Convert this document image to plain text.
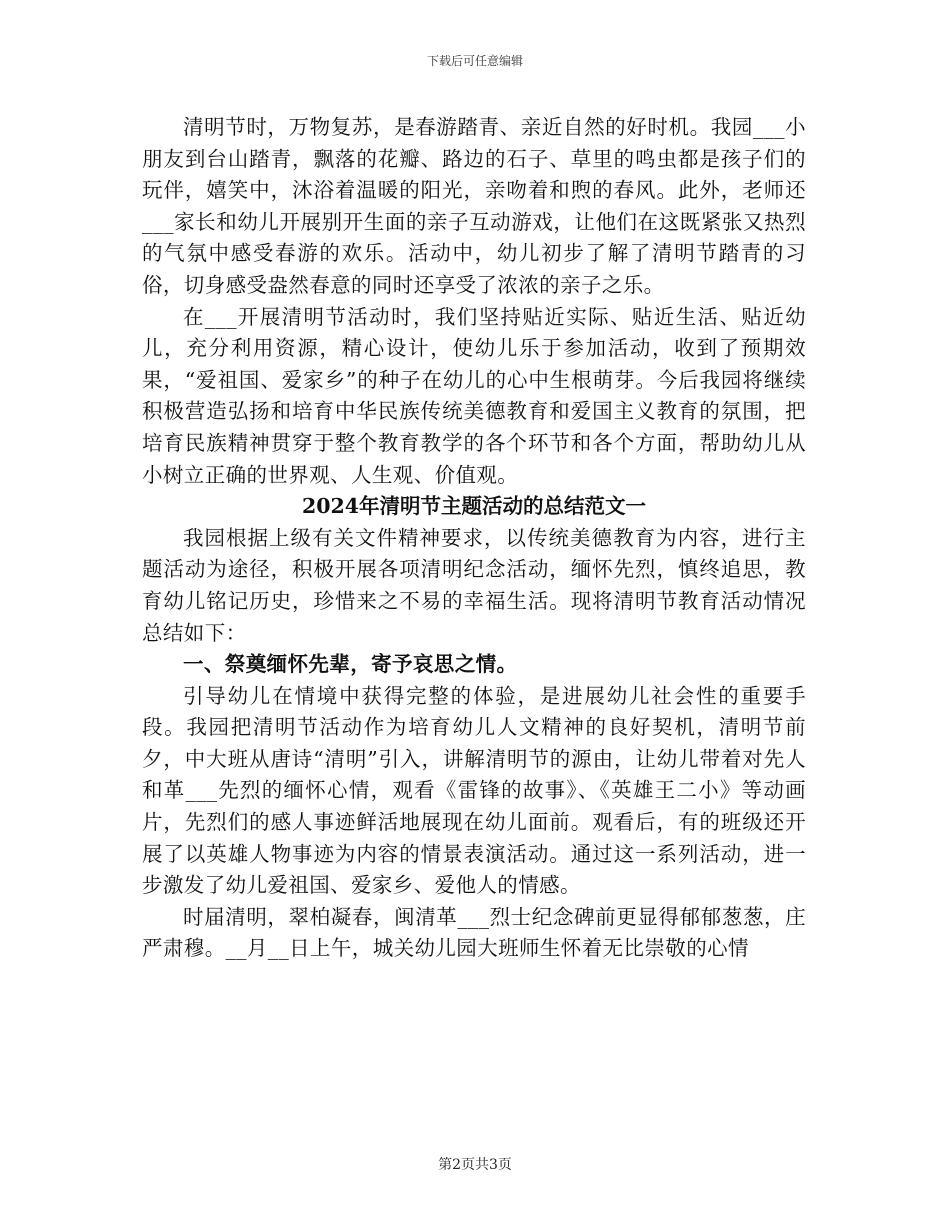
下载后可任意编辑

清明节时，万物复苏，是春游踏青、亲近自然的好时机。我园___小朋友到台山踏青，飘落的花瓣、路边的石子、草里的鸣虫都是孩子们的玩伴，嬉笑中，沐浴着温暖的阳光，亲吻着和煦的春风。此外，老师还___家长和幼儿开展别开生面的亲子互动游戏，让他们在这既紧张又热烈的气氛中感受春游的欢乐。活动中，幼儿初步了解了清明节踏青的习俗，切身感受盎然春意的同时还享受了浓浓的亲子之乐。

在___开展清明节活动时，我们坚持贴近实际、贴近生活、贴近幼儿，充分利用资源，精心设计，使幼儿乐于参加活动，收到了预期效果，“爱祖国、爱家乡”的种子在幼儿的心中生根萌芽。今后我园将继续积极营造弘扬和培育中华民族传统美德教育和爱国主义教育的氛围，把培育民族精神贯穿于整个教育教学的各个环节和各个方面，帮助幼儿从小树立正确的世界观、人生观、价值观。

2024年清明节主题活动的总结范文一

我园根据上级有关文件精神要求，以传统美德教育为内容，进行主题活动为途径，积极开展各项清明纪念活动，缅怀先烈，慎终追思，教育幼儿铭记历史，珍惜来之不易的幸福生活。现将清明节教育活动情况总结如下：

一、祭奠缅怀先辈，寄予哀思之情。

引导幼儿在情境中获得完整的体验，是进展幼儿社会性的重要手段。我园把清明节活动作为培育幼儿人文精神的良好契机，清明节前夕，中大班从唐诗“清明”引入，讲解清明节的源由，让幼儿带着对先人和革___先烈的缅怀心情，观看《雷锋的故事》、《英雄王二小》等动画片，先烈们的感人事迹鲜活地展现在幼儿面前。观看后，有的班级还开展了以英雄人物事迹为内容的情景表演活动。通过这一系列活动，进一步激发了幼儿爱祖国、爱家乡、爱他人的情感。

时届清明，翠柏凝春，闽清革___烈士纪念碑前更显得郁郁葱葱，庄严肃穆。__月__日上午，城关幼儿园大班师生怀着无比崇敬的心情

第2页共3页
